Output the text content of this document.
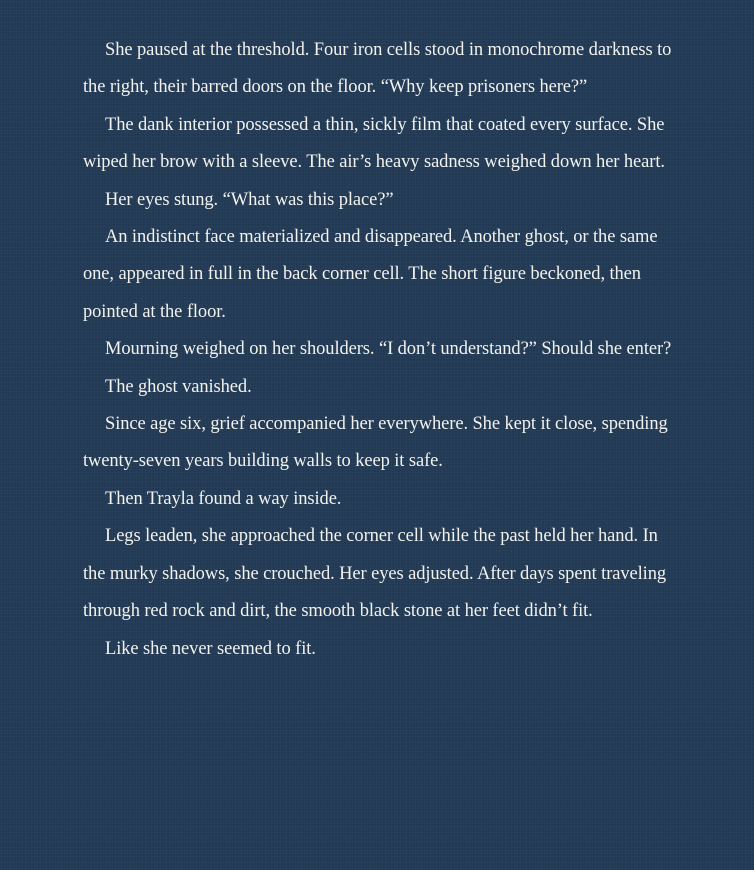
She paused at the threshold. Four iron cells stood in monochrome darkness to the right, their barred doors on the floor. “Why keep prisoners here?”

The dank interior possessed a thin, sickly film that coated every surface. She wiped her brow with a sleeve. The air’s heavy sadness weighed down her heart.

Her eyes stung. “What was this place?”

An indistinct face materialized and disappeared. Another ghost, or the same one, appeared in full in the back corner cell. The short figure beckoned, then pointed at the floor.

Mourning weighed on her shoulders. “I don’t understand?” Should she enter?

The ghost vanished.

Since age six, grief accompanied her everywhere. She kept it close, spending twenty-seven years building walls to keep it safe.

Then Trayla found a way inside.

Legs leaden, she approached the corner cell while the past held her hand. In the murky shadows, she crouched. Her eyes adjusted. After days spent traveling through red rock and dirt, the smooth black stone at her feet didn’t fit.

Like she never seemed to fit.
